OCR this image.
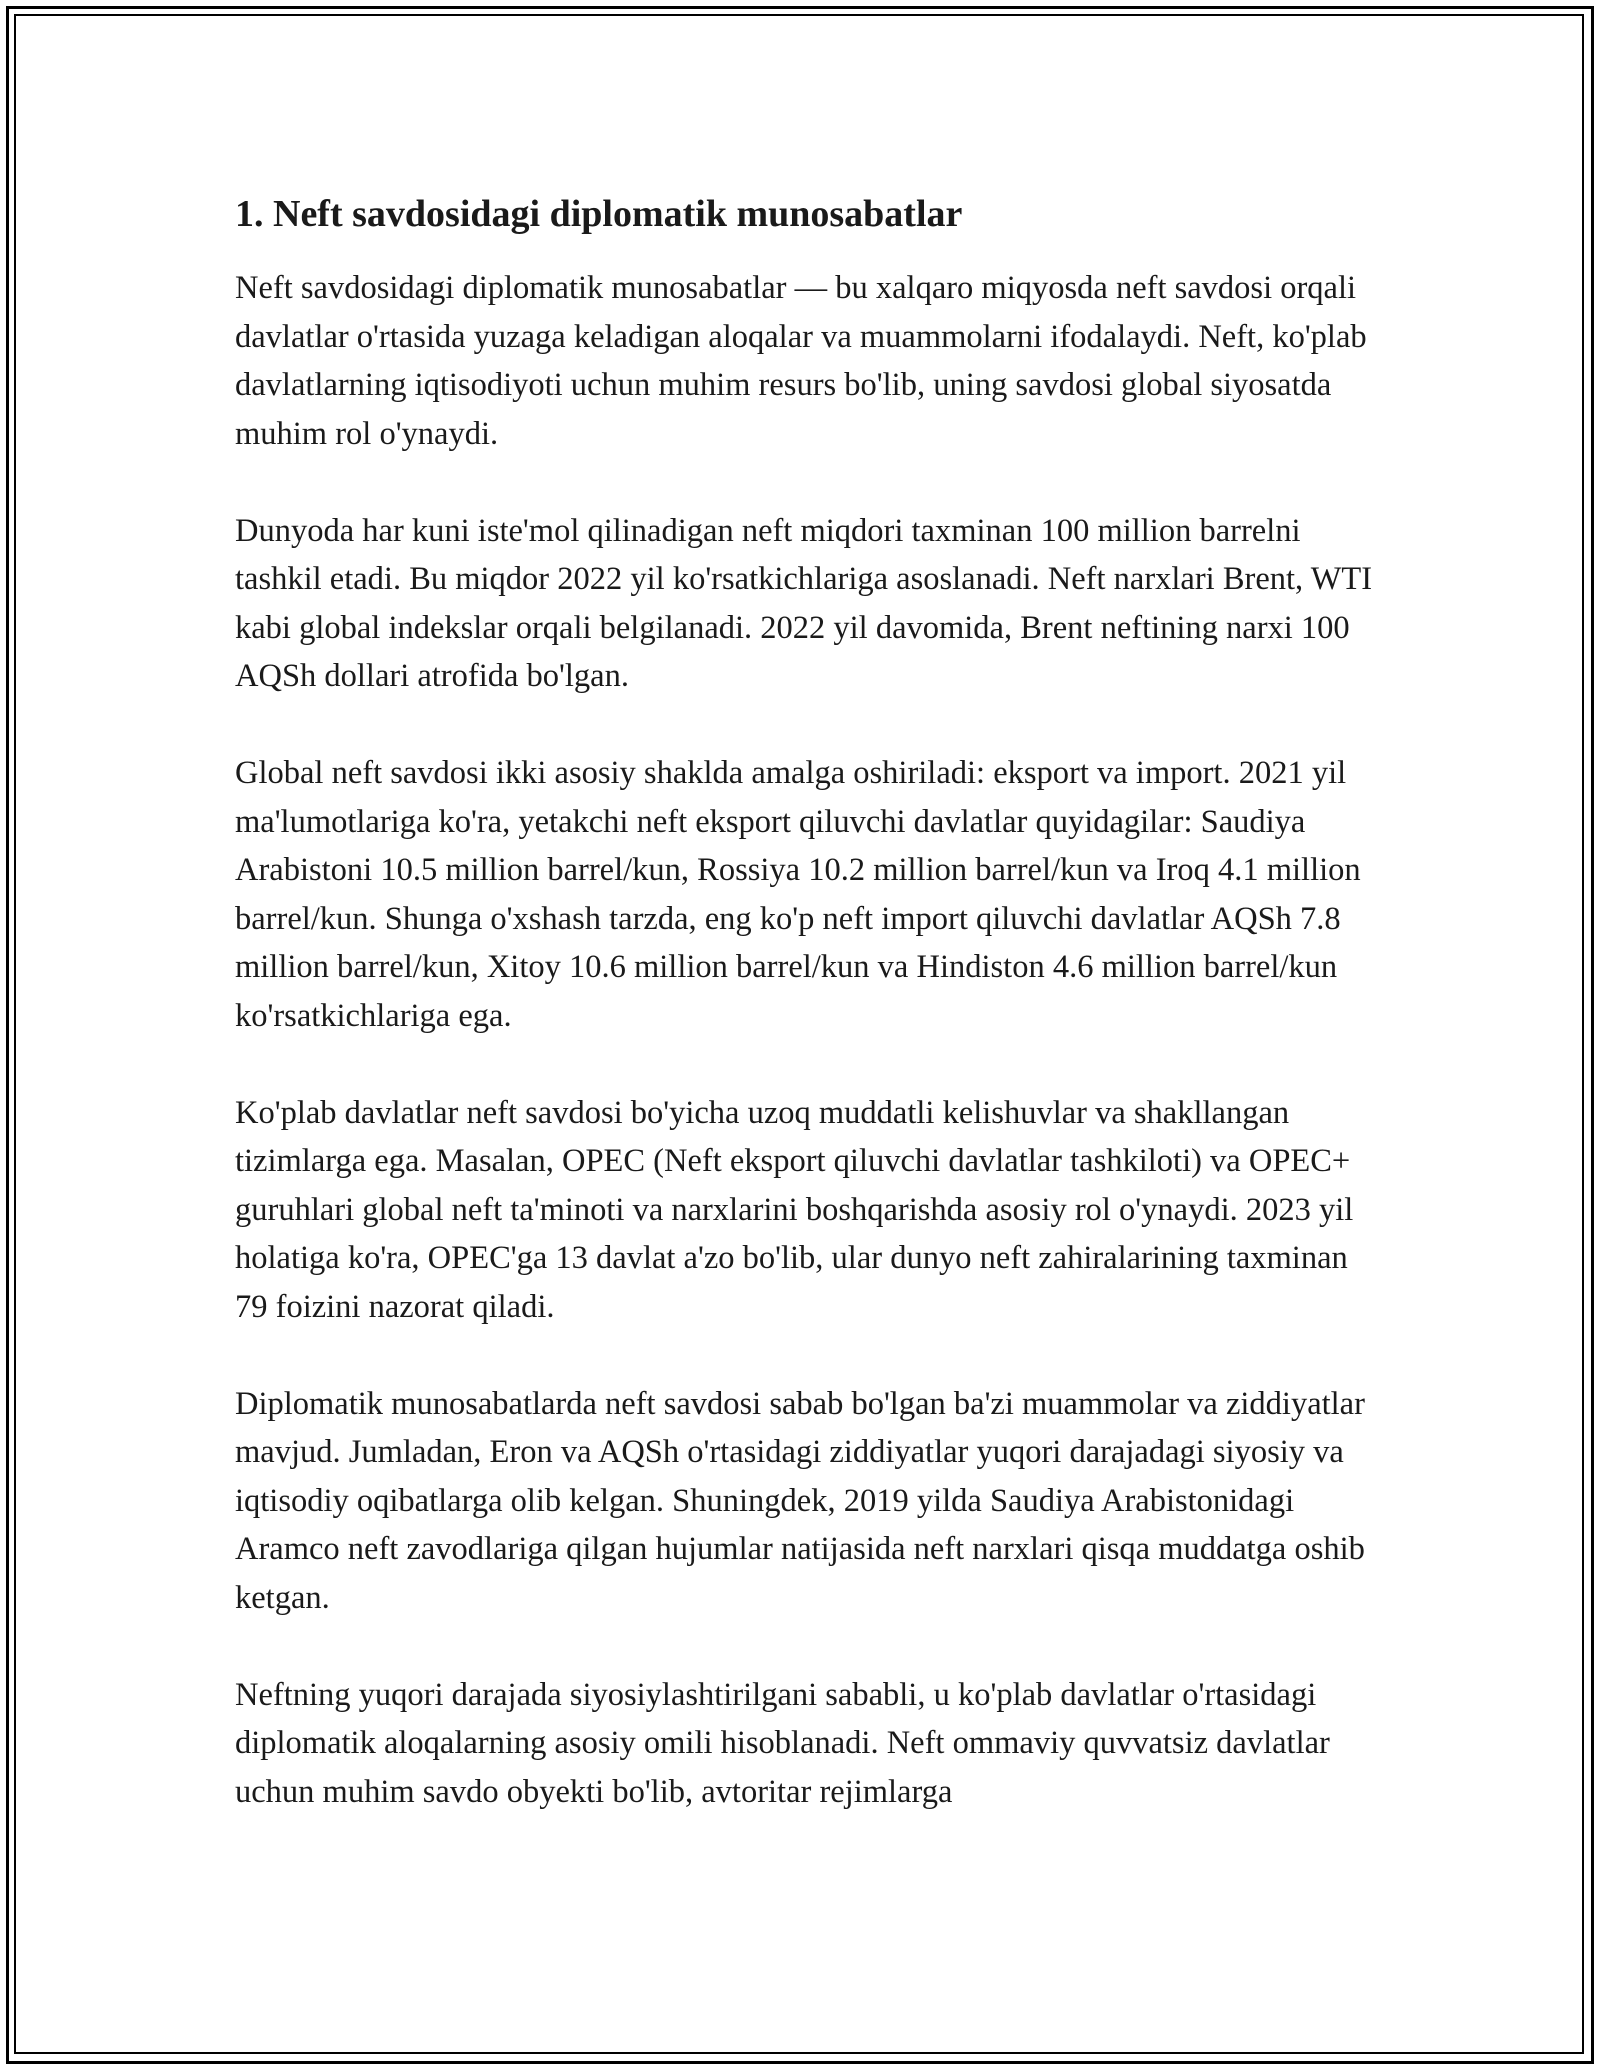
1. Neft savdosidagi diplomatik munosabatlar

Neft savdosidagi diplomatik munosabatlar — bu xalqaro miqyosda neft savdosi orqali davlatlar o'rtasida yuzaga keladigan aloqalar va muammolarni ifodalaydi. Neft, ko'plab davlatlarning iqtisodiyoti uchun muhim resurs bo'lib, uning savdosi global siyosatda muhim rol o'ynaydi.

Dunyoda har kuni iste'mol qilinadigan neft miqdori taxminan 100 million barrelni tashkil etadi. Bu miqdor 2022 yil ko'rsatkichlariga asoslanadi. Neft narxlari Brent, WTI kabi global indekslar orqali belgilanadi. 2022 yil davomida, Brent neftining narxi 100 AQSh dollari atrofida bo'lgan.

Global neft savdosi ikki asosiy shaklda amalga oshiriladi: eksport va import. 2021 yil ma'lumotlariga ko'ra, yetakchi neft eksport qiluvchi davlatlar quyidagilar: Saudiya Arabistoni 10.5 million barrel/kun, Rossiya 10.2 million barrel/kun va Iroq 4.1 million barrel/kun. Shunga o'xshash tarzda, eng ko'p neft import qiluvchi davlatlar AQSh 7.8 million barrel/kun, Xitoy 10.6 million barrel/kun va Hindiston 4.6 million barrel/kun ko'rsatkichlariga ega.

Ko'plab davlatlar neft savdosi bo'yicha uzoq muddatli kelishuvlar va shakllangan tizimlarga ega. Masalan, OPEC (Neft eksport qiluvchi davlatlar tashkiloti) va OPEC+ guruhlari global neft ta'minoti va narxlarini boshqarishda asosiy rol o'ynaydi. 2023 yil holatiga ko'ra, OPEC'ga 13 davlat a'zo bo'lib, ular dunyo neft zahiralarining taxminan 79 foizini nazorat qiladi.

Diplomatik munosabatlarda neft savdosi sabab bo'lgan ba'zi muammolar va ziddiyatlar mavjud. Jumladan, Eron va AQSh o'rtasidagi ziddiyatlar yuqori darajadagi siyosiy va iqtisodiy oqibatlarga olib kelgan. Shuningdek, 2019 yilda Saudiya Arabistonidagi Aramco neft zavodlariga qilgan hujumlar natijasida neft narxlari qisqa muddatga oshib ketgan.

Neftning yuqori darajada siyosiylashtirilgani sababli, u ko'plab davlatlar o'rtasidagi diplomatik aloqalarning asosiy omili hisoblanadi. Neft ommaviy quvvatsiz davlatlar uchun muhim savdo obyekti bo'lib, avtoritar rejimlarga
